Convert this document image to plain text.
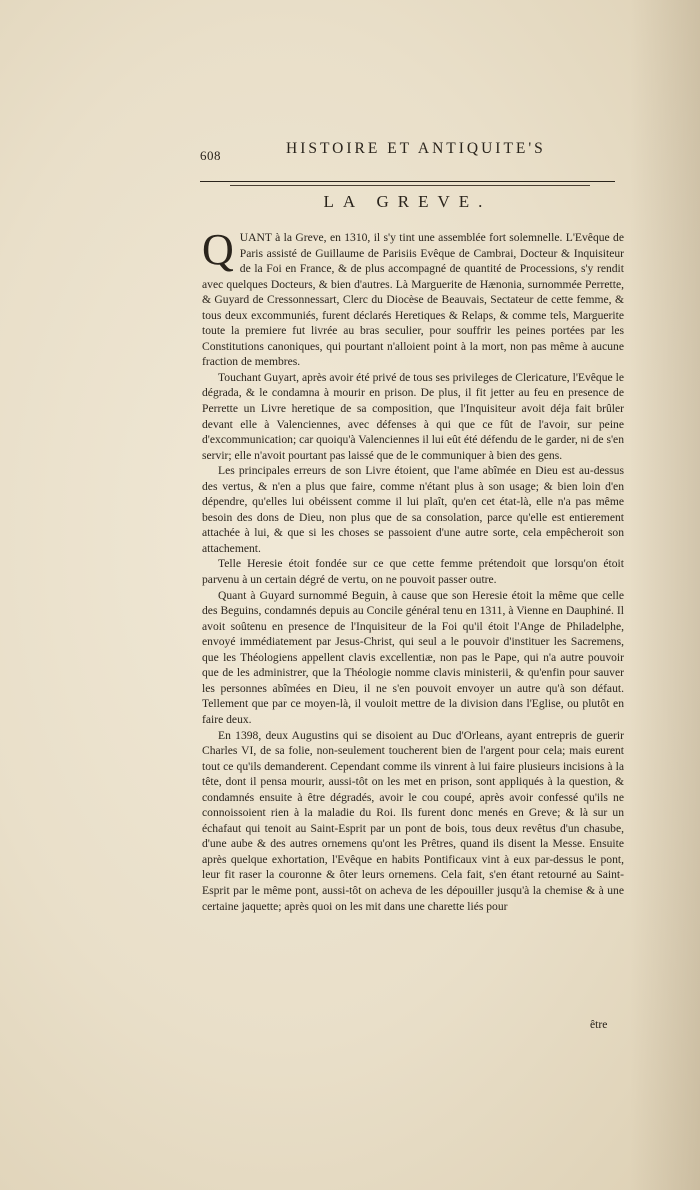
608	HISTOIRE ET ANTIQUITE'S
LA GREVE.

QUANT à la Greve, en 1310, il s'y tint une assemblée fort solemnelle. L'Evêque de Paris assisté de Guillaume de Parisiis Evêque de Cambrai, Docteur & Inquisiteur de la Foi en France, & de plus accompagné de quantité de Processions, s'y rendit avec quelques Docteurs, & bien d'autres. Là Marguerite de Hænonia, surnommée Perrette, & Guyard de Cressonnessart, Clerc du Diocèse de Beauvais, Sectateur de cette femme, & tous deux excommuniés, furent déclarés Heretiques & Relaps, & comme tels, Marguerite toute la premiere fut livrée au bras seculier, pour souffrir les peines portées par les Constitutions canoniques, qui pourtant n'alloient point à la mort, non pas même à aucune fraction de membres.

Touchant Guyart, après avoir été privé de tous ses privileges de Clericature, l'Evêque le dégrada, & le condamna à mourir en prison. De plus, il fit jetter au feu en presence de Perrette un Livre heretique de sa composition, que l'Inquisiteur avoit déja fait brûler devant elle à Valenciennes, avec défenses à qui que ce fût de l'avoir, sur peine d'excommunication; car quoiqu'à Valenciennes il lui eût été défendu de le garder, ni de s'en servir; elle n'avoit pourtant pas laissé que de le communiquer à bien des gens.

Les principales erreurs de son Livre étoient, que l'ame abîmée en Dieu est au-dessus des vertus, & n'en a plus que faire, comme n'étant plus à son usage; & bien loin d'en dépendre, qu'elles lui obéissent comme il lui plaît, qu'en cet état-là, elle n'a pas même besoin des dons de Dieu, non plus que de sa consolation, parce qu'elle est entierement attachée à lui, & que si les choses se passoient d'une autre sorte, cela empêcheroit son attachement.

Telle Heresie étoit fondée sur ce que cette femme prétendoit que lorsqu'on étoit parvenu à un certain dégré de vertu, on ne pouvoit passer outre.

Quant à Guyard surnommé Beguin, à cause que son Heresie étoit la même que celle des Beguins, condamnés depuis au Concile général tenu en 1311, à Vienne en Dauphiné. Il avoit soûtenu en presence de l'Inquisiteur de la Foi qu'il étoit l'Ange de Philadelphe, envoyé immédiatement par Jesus-Christ, qui seul a le pouvoir d'instituer les Sacremens, que les Théologiens appellent clavis excellentiæ, non pas le Pape, qui n'a autre pouvoir que de les administrer, que la Théologie nomme clavis ministerii, & qu'enfin pour sauver les personnes abîmées en Dieu, il ne s'en pouvoit envoyer un autre qu'à son défaut. Tellement que par ce moyen-là, il vouloit mettre de la division dans l'Eglise, ou plutôt en faire deux.

En 1398, deux Augustins qui se disoient au Duc d'Orleans, ayant entrepris de guerir Charles VI, de sa folie, non-seulement toucherent bien de l'argent pour cela; mais eurent tout ce qu'ils demanderent. Cependant comme ils vinrent à lui faire plusieurs incisions à la tête, dont il pensa mourir, aussi-tôt on les met en prison, sont appliqués à la question, & condamnés ensuite à être dégradés, avoir le cou coupé, après avoir confessé qu'ils ne connoissoient rien à la maladie du Roi. Ils furent donc menés en Greve; & là sur un échafaut qui tenoit au Saint-Esprit par un pont de bois, tous deux revêtus d'un chasube, d'une aube & des autres ornemens qu'ont les Prêtres, quand ils disent la Messe. Ensuite après quelque exhortation, l'Evêque en habits Pontificaux vint à eux par-dessus le pont, leur fit raser la couronne & ôter leurs ornemens. Cela fait, s'en étant retourné au Saint-Esprit par le même pont, aussi-tôt on acheva de les dépouiller jusqu'à la chemise & à une certaine jaquette; après quoi on les mit dans une charette liés pour

être
